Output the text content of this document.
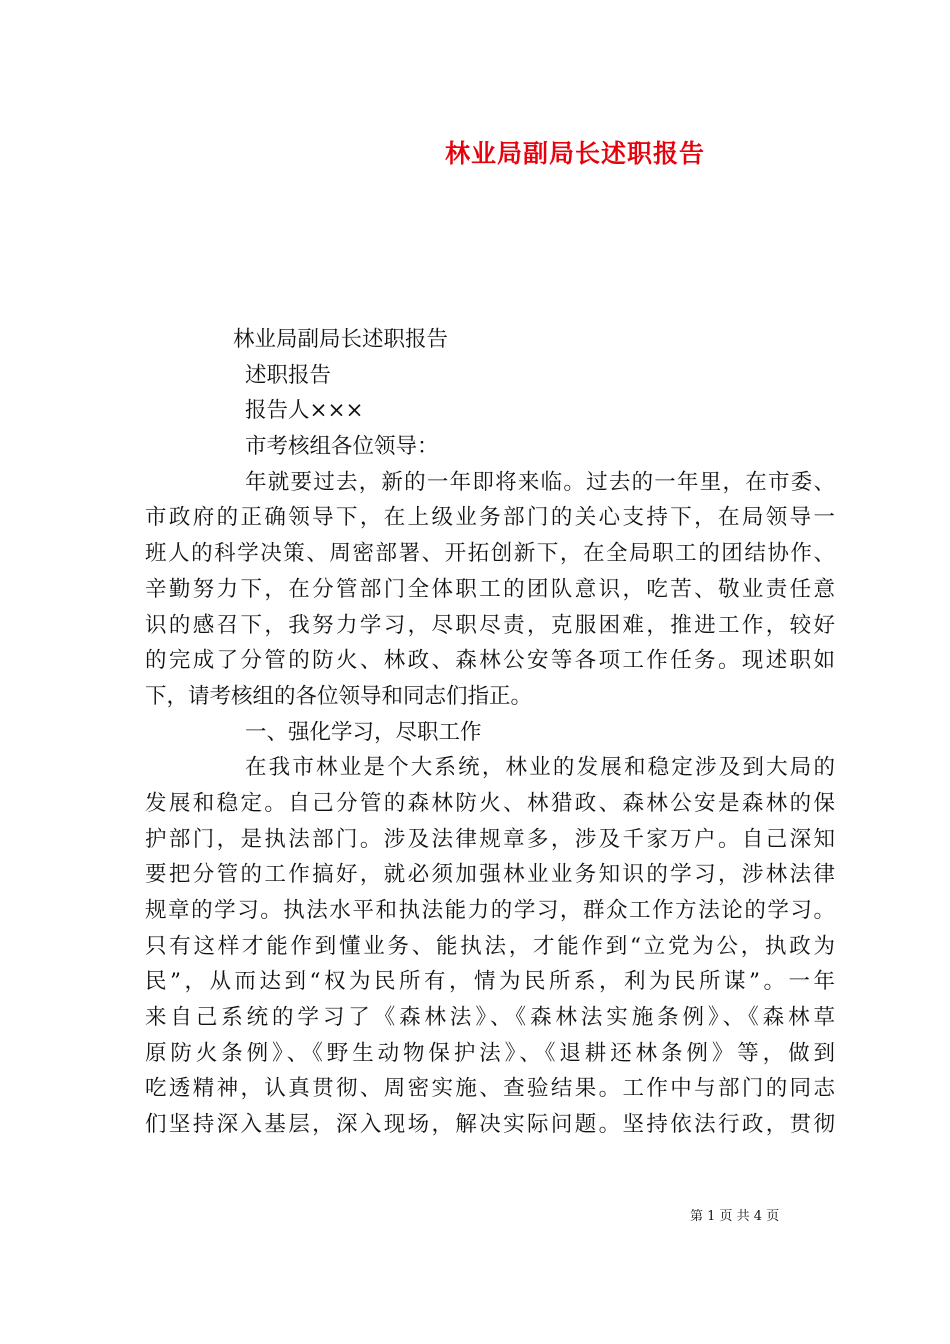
林业局副局长述职报告
林业局副局长述职报告
述职报告
报告人×××
市考核组各位领导：
年就要过去，新的一年即将来临。过去的一年里，在市委、
市政府的正确领导下，在上级业务部门的关心支持下，在局领导一
班人的科学决策、周密部署、开拓创新下，在全局职工的团结协作、
辛勤努力下，在分管部门全体职工的团队意识，吃苦、敬业责任意
识的感召下，我努力学习，尽职尽责，克服困难，推进工作，较好
的完成了分管的防火、林政、森林公安等各项工作任务。现述职如
下，请考核组的各位领导和同志们指正。
一、强化学习，尽职工作
在我市林业是个大系统，林业的发展和稳定涉及到大局的
发展和稳定。自己分管的森林防火、林猎政、森林公安是森林的保
护部门，是执法部门。涉及法律规章多，涉及千家万户。自己深知
要把分管的工作搞好，就必须加强林业业务知识的学习，涉林法律
规章的学习。执法水平和执法能力的学习，群众工作方法论的学习。
只有这样才能作到懂业务、能执法，才能作到“立党为公，执政为
民”，从而达到“权为民所有，情为民所系，利为民所谋”。一年
来自己系统的学习了《森林法》、《森林法实施条例》、《森林草
原防火条例》、《野生动物保护法》、《退耕还林条例》等，做到
吃透精神，认真贯彻、周密实施、查验结果。工作中与部门的同志
们坚持深入基层，深入现场，解决实际问题。坚持依法行政，贯彻
第 1 页 共 4 页
